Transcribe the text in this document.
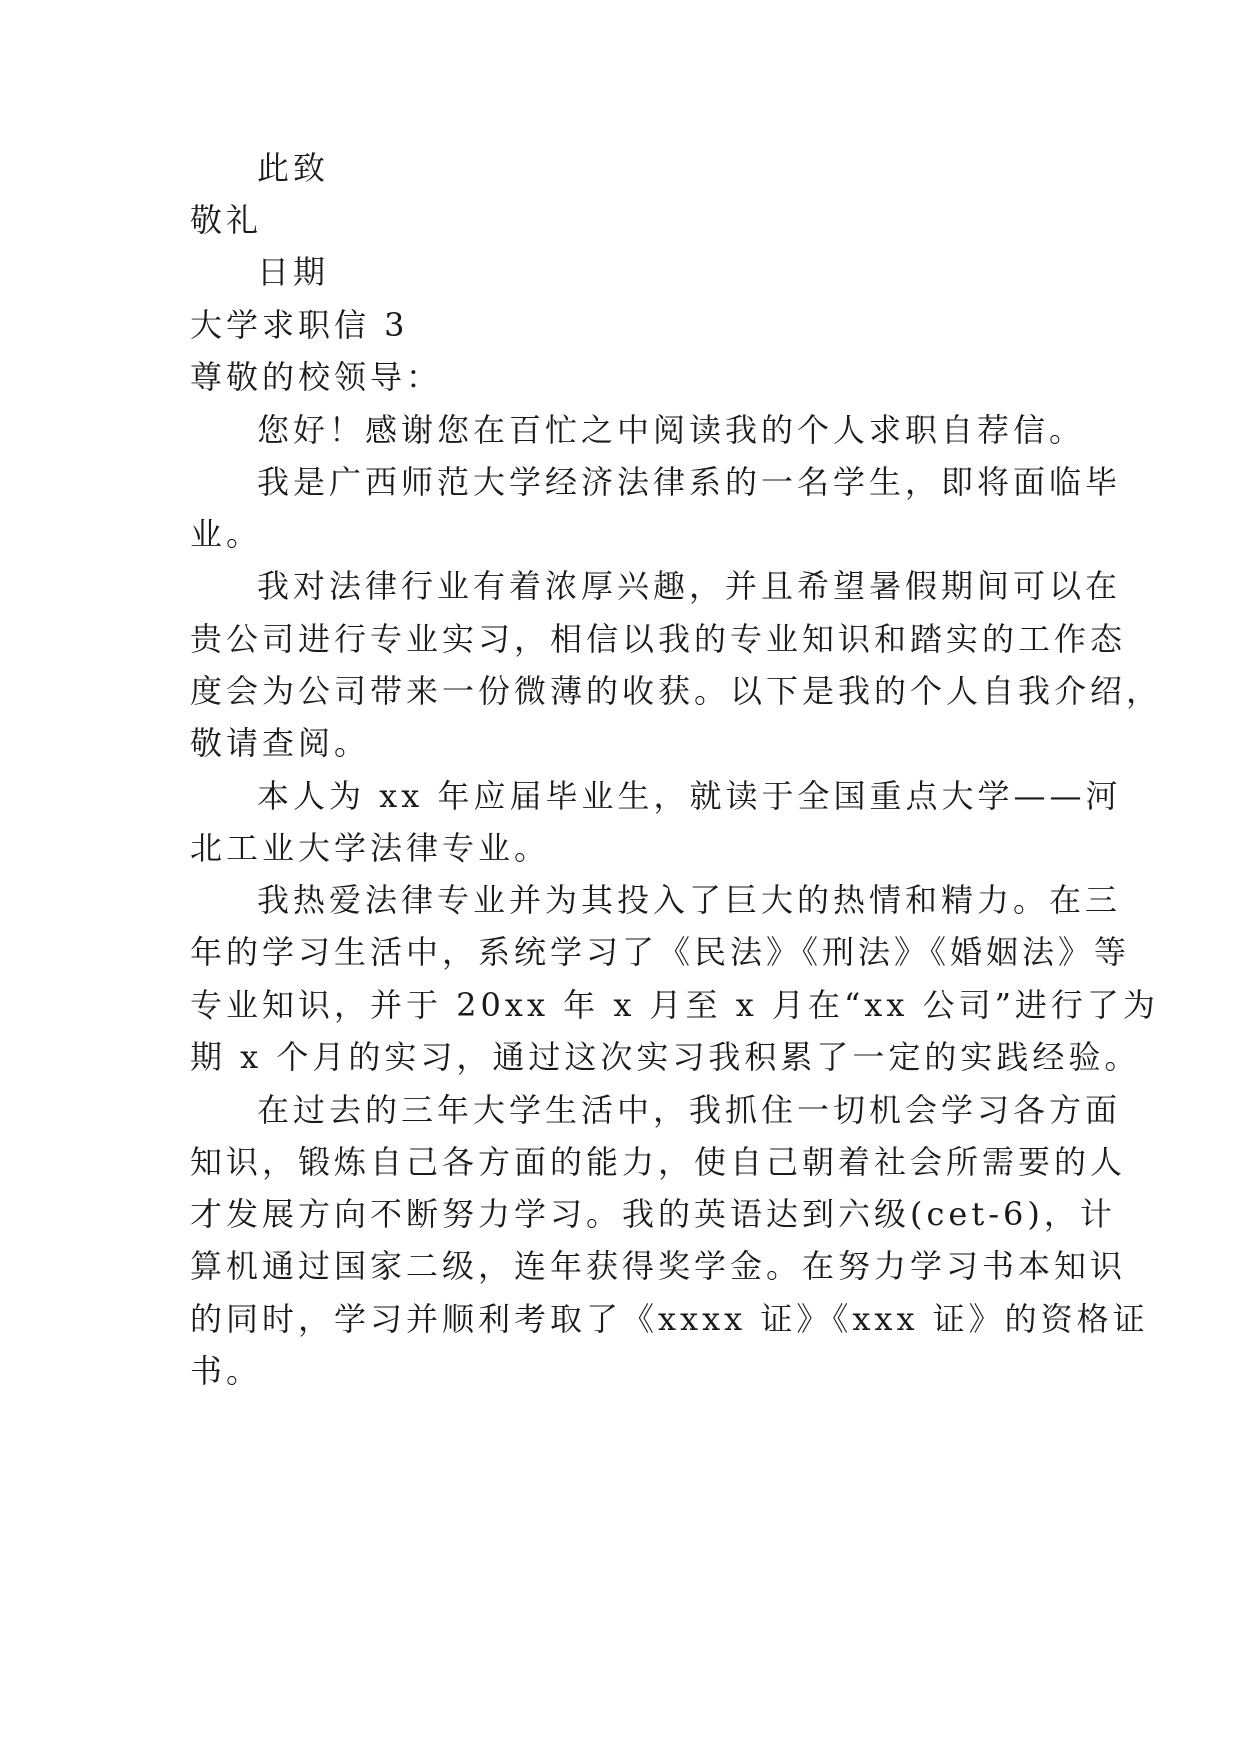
此致
敬礼
日期
大学求职信 3
尊敬的校领导：
您好！感谢您在百忙之中阅读我的个人求职自荐信。
我是广西师范大学经济法律系的一名学生，即将面临毕
业。
我对法律行业有着浓厚兴趣，并且希望暑假期间可以在
贵公司进行专业实习，相信以我的专业知识和踏实的工作态
度会为公司带来一份微薄的收获。以下是我的个人自我介绍，
敬请查阅。
本人为 xx 年应届毕业生，就读于全国重点大学——河
北工业大学法律专业。
我热爱法律专业并为其投入了巨大的热情和精力。在三
年的学习生活中，系统学习了《民法》《刑法》《婚姻法》等
专业知识，并于 20xx 年 x 月至 x 月在“xx 公司”进行了为
期 x 个月的实习，通过这次实习我积累了一定的实践经验。
在过去的三年大学生活中，我抓住一切机会学习各方面
知识，锻炼自己各方面的能力，使自己朝着社会所需要的人
才发展方向不断努力学习。我的英语达到六级(cet-6)，计
算机通过国家二级，连年获得奖学金。在努力学习书本知识
的同时，学习并顺利考取了《xxxx 证》《xxx 证》的资格证
书。
